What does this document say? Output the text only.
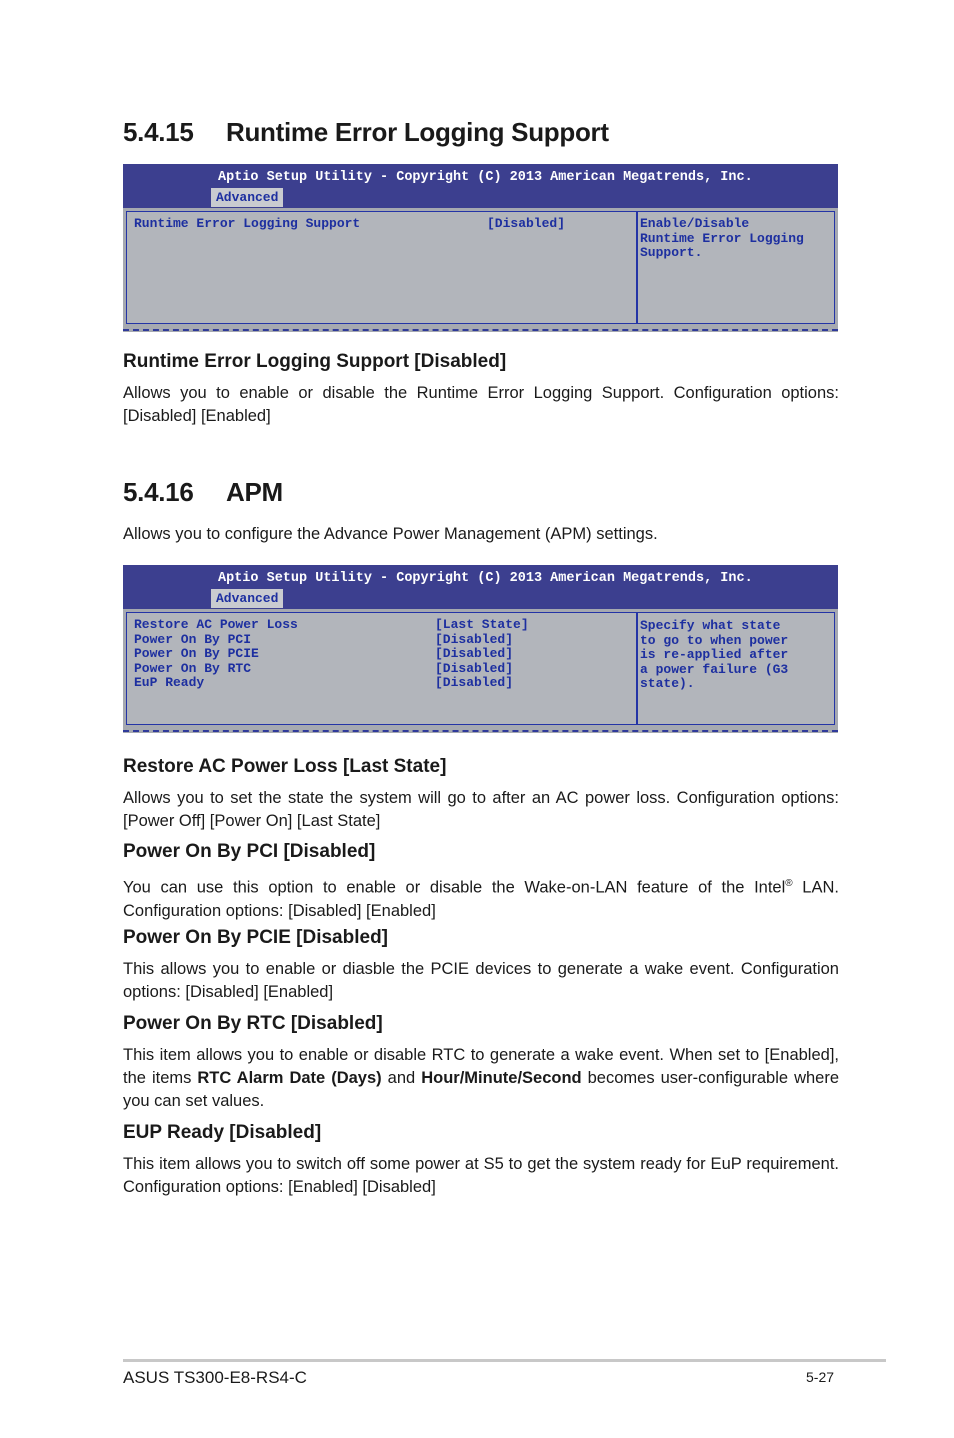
5.4.15 Runtime Error Logging Support
Aptio Setup Utility - Copyright (C) 2013 American Megatrends, Inc.
Advanced
Runtime Error Logging Support	[Disabled]	Enable/Disable
Runtime Error Logging
Support.
Runtime Error Logging Support [Disabled]
Allows you to enable or disable the Runtime Error Logging Support. Configuration options: [Disabled] [Enabled]
5.4.16 APM
Allows you to configure the Advance Power Management (APM) settings.
Aptio Setup Utility - Copyright (C) 2013 American Megatrends, Inc.
Advanced
Restore AC Power Loss	[Last State]
Power On By PCI	[Disabled]
Power On By PCIE	[Disabled]
Power On By RTC	[Disabled]
EuP Ready	[Disabled]
Specify what state
to go to when power
is re-applied after
a power failure (G3
state).
Restore AC Power Loss [Last State]
Allows you to set the state the system will go to after an AC power loss. Configuration options: [Power Off] [Power On] [Last State]
Power On By PCI [Disabled]
You can use this option to enable or disable the Wake-on-LAN feature of the Intel® LAN. Configuration options: [Disabled] [Enabled]
Power On By PCIE [Disabled]
This allows you to enable or diasble the PCIE devices to generate a wake event. Configuration options: [Disabled] [Enabled]
Power On By RTC [Disabled]
This item allows you to enable or disable RTC to generate a wake event. When set to [Enabled], the items RTC Alarm Date (Days) and Hour/Minute/Second becomes user-configurable where you can set values.
EUP Ready [Disabled]
This item allows you to switch off some power at S5 to get the system ready for EuP requirement. Configuration options: [Enabled] [Disabled]
ASUS TS300-E8-RS4-C	5-27
